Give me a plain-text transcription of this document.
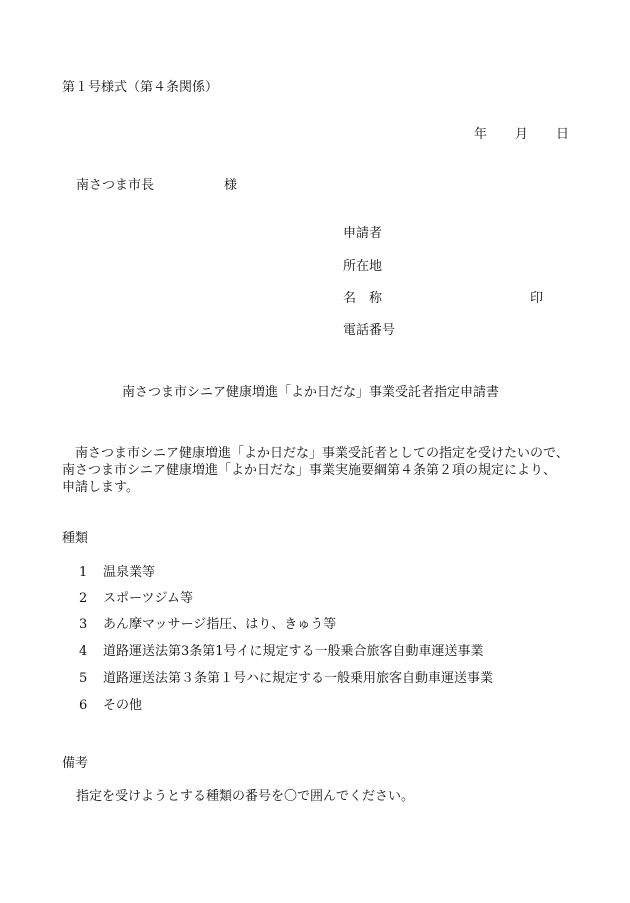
第１号様式（第４条関係）
年 月 日
南さつま市長	様
申請者
所在地
名 称	印
電話番号
南さつま市シニア健康増進「よか日だな」事業受託者指定申請書
南さつま市シニア健康増進「よか日だな」事業受託者としての指定を受けたいので、
南さつま市シニア健康増進「よか日だな」事業実施要綱第４条第２項の規定により、
申請します。
種類
1 温泉業等
2 スポーツジム等
3 あん摩マッサージ指圧、はり、きゅう等
4 道路運送法第3条第1号イに規定する一般乗合旅客自動車運送事業
5 道路運送法第３条第１号ハに規定する一般乗用旅客自動車運送事業
6 その他
備考
指定を受けようとする種類の番号を〇で囲んでください。
